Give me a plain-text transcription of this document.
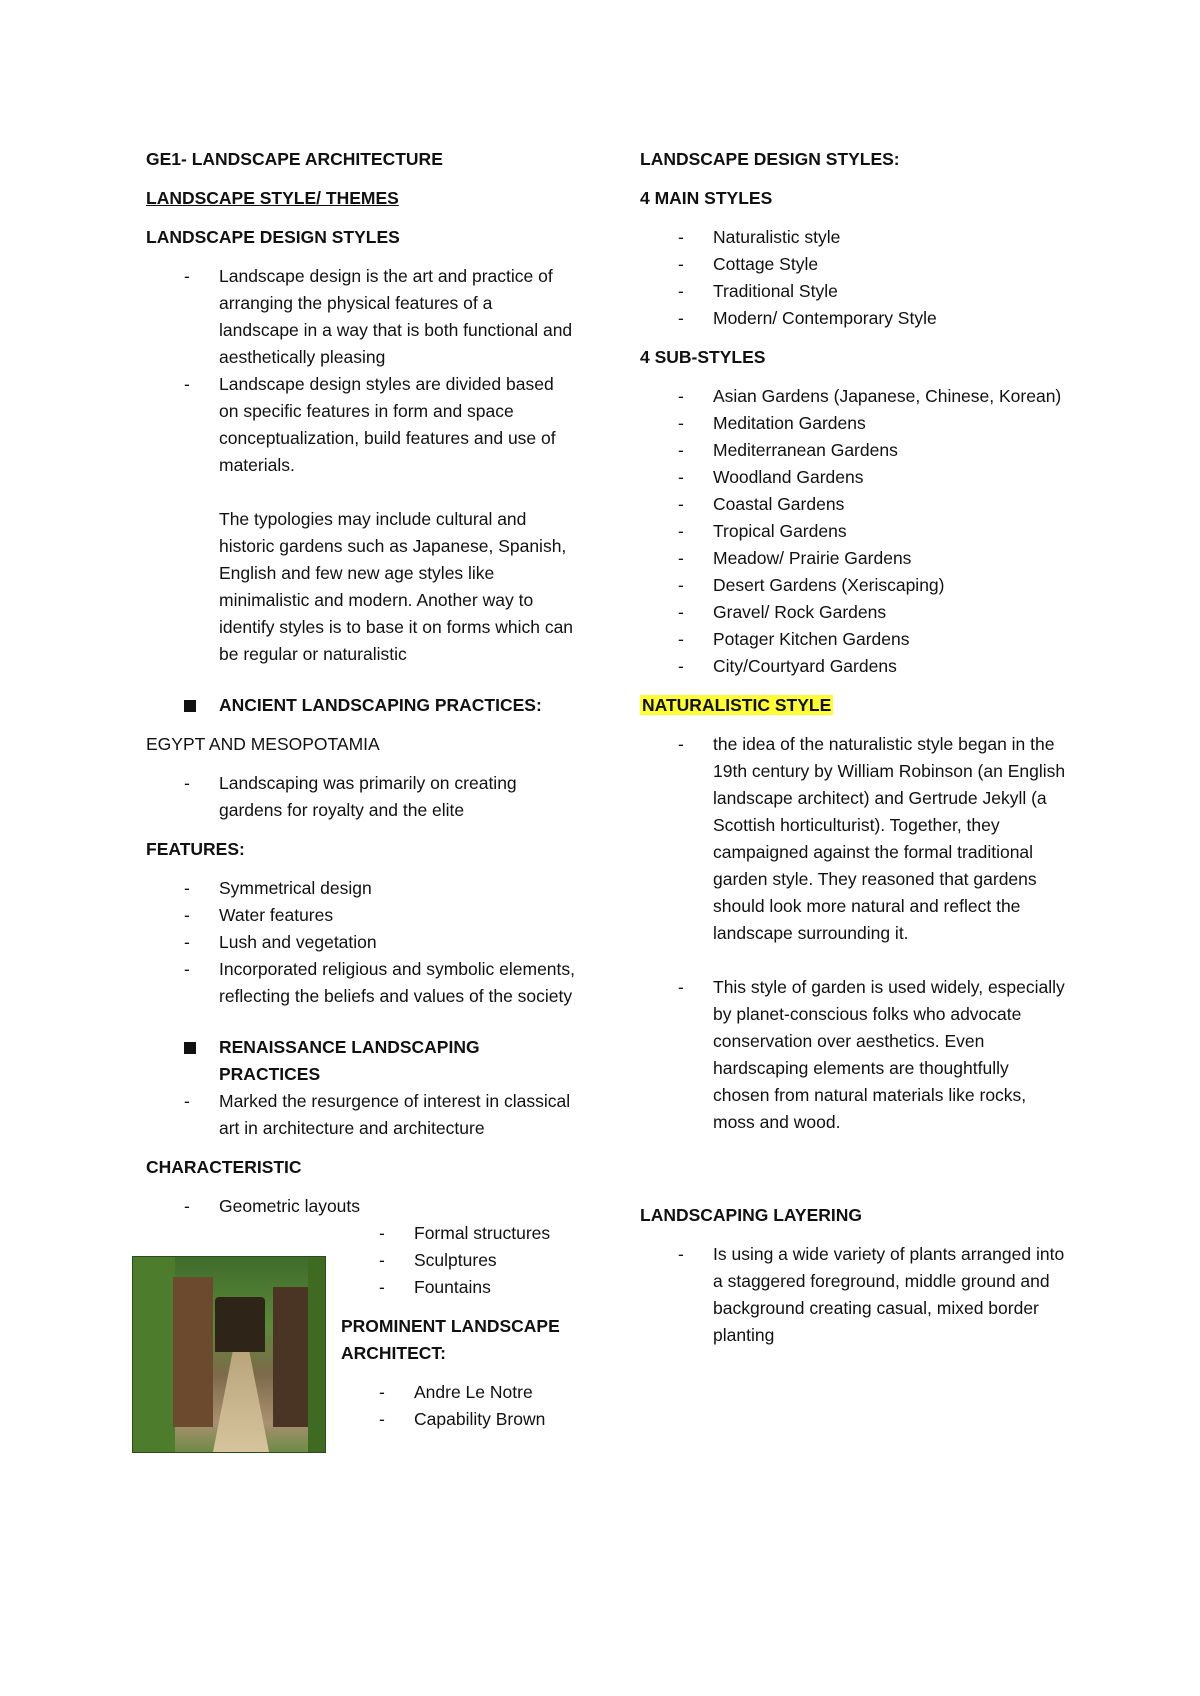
GE1- LANDSCAPE ARCHITECTURE
LANDSCAPE STYLE/ THEMES
LANDSCAPE DESIGN STYLES
- Landscape design is the art and practice of arranging the physical features of a landscape in a way that is both functional and aesthetically pleasing
- Landscape design styles are divided based on specific features in form and space conceptualization, build features and use of materials.
The typologies may include cultural and historic gardens such as Japanese, Spanish, English and few new age styles like minimalistic and modern. Another way to identify styles is to base it on forms which can be regular or naturalistic
ANCIENT LANDSCAPING PRACTICES:
EGYPT AND MESOPOTAMIA
- Landscaping was primarily on creating gardens for royalty and the elite
FEATURES:
- Symmetrical design
- Water features
- Lush and vegetation
- Incorporated religious and symbolic elements, reflecting the beliefs and values of the society
RENAISSANCE LANDSCAPING PRACTICES
- Marked the resurgence of interest in classical art in architecture and architecture
CHARACTERISTIC
- Geometric layouts
- Formal structures
- Sculptures
- Fountains
PROMINENT LANDSCAPE ARCHITECT:
- Andre Le Notre
- Capability Brown
LANDSCAPE DESIGN STYLES:
4 MAIN STYLES
- Naturalistic style
- Cottage Style
- Traditional Style
- Modern/ Contemporary Style
4 SUB-STYLES
- Asian Gardens (Japanese, Chinese, Korean)
- Meditation Gardens
- Mediterranean Gardens
- Woodland Gardens
- Coastal Gardens
- Tropical Gardens
- Meadow/ Prairie Gardens
- Desert Gardens (Xeriscaping)
- Gravel/ Rock Gardens
- Potager Kitchen Gardens
- City/Courtyard Gardens
NATURALISTIC STYLE
- the idea of the naturalistic style began in the 19th century by William Robinson (an English landscape architect) and Gertrude Jekyll (a Scottish horticulturist). Together, they campaigned against the formal traditional garden style. They reasoned that gardens should look more natural and reflect the landscape surrounding it.
- This style of garden is used widely, especially by planet-conscious folks who advocate conservation over aesthetics. Even hardscaping elements are thoughtfully chosen from natural materials like rocks, moss and wood.
LANDSCAPING LAYERING
- Is using a wide variety of plants arranged into a staggered foreground, middle ground and background creating casual, mixed border planting
